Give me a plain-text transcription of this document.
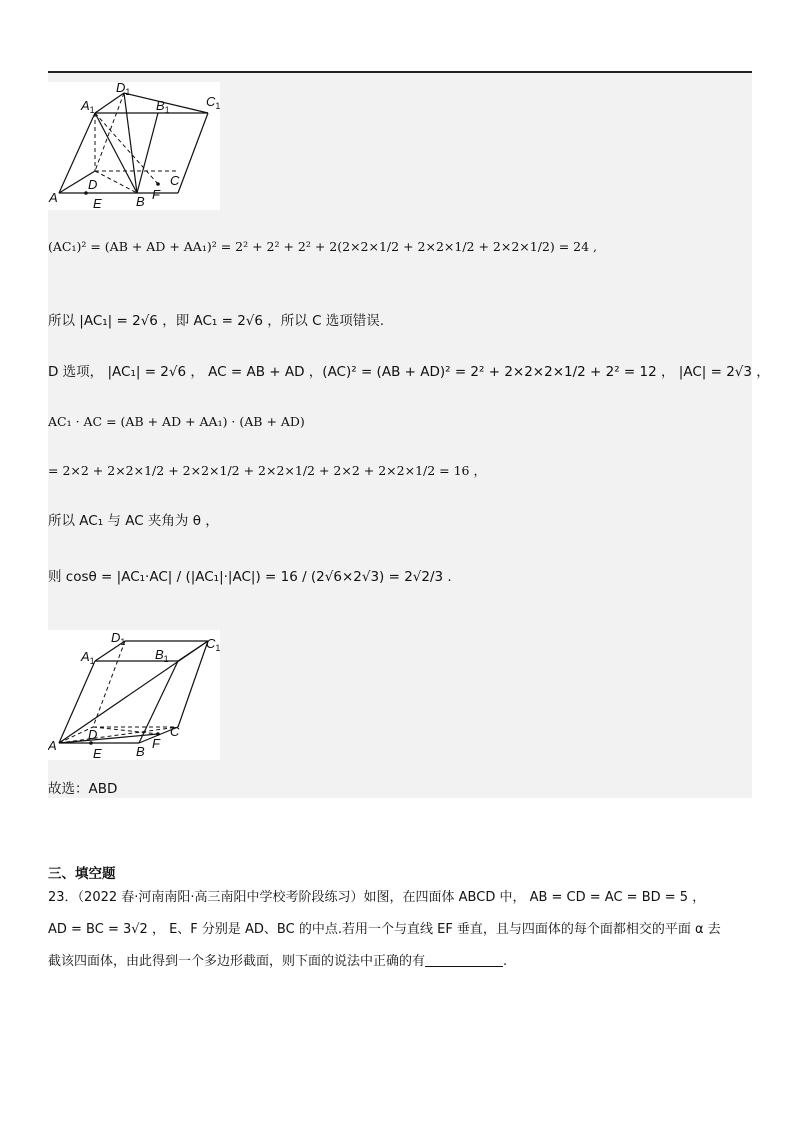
$D_1$
$A_1$	$B_1$
$C_1$
A
D	C
E	B F
(AC₁)² = (AB + AD + AA₁)² = 2² + 2² + 2² + 2(2×2×1/2 + 2×2×1/2 + 2×2×1/2) = 24 ,
所以 |AC₁| = 2√6 ，即 AC₁ = 2√6 ，所以 C 选项错误.
D 选项， |AC₁| = 2√6 ， AC = AB + AD ，(AC)² = (AB + AD)² = 2² + 2×2×2×1/2 + 2² = 12 ， |AC| = 2√3 ，
AC₁ · AC = (AB + AD + AA₁) · (AB + AD)
= 2×2 + 2×2×1/2 + 2×2×1/2 + 2×2×1/2 + 2×2 + 2×2×1/2 = 16 ，
所以 AC₁ 与 AC 夹角为 θ ，
则 cosθ = |AC₁·AC| / (|AC₁|·|AC|) = 16 / (2√6×2√3) = 2√2/3 .
$D_1$
$A_1$	$B_1$
$C_1$
A
D	C
E	B
F
故选：ABD
三、填空题
23．（2022 春·河南南阳·高三南阳中学校考阶段练习）如图，在四面体 ABCD 中， AB = CD = AC = BD = 5 ，
AD = BC = 3√2 ， E、F 分别是 AD、BC 的中点.若用一个与直线 EF 垂直，且与四面体的每个面都相交的平面 α 去
截该四面体，由此得到一个多边形截面，则下面的说法中正确的有	.
